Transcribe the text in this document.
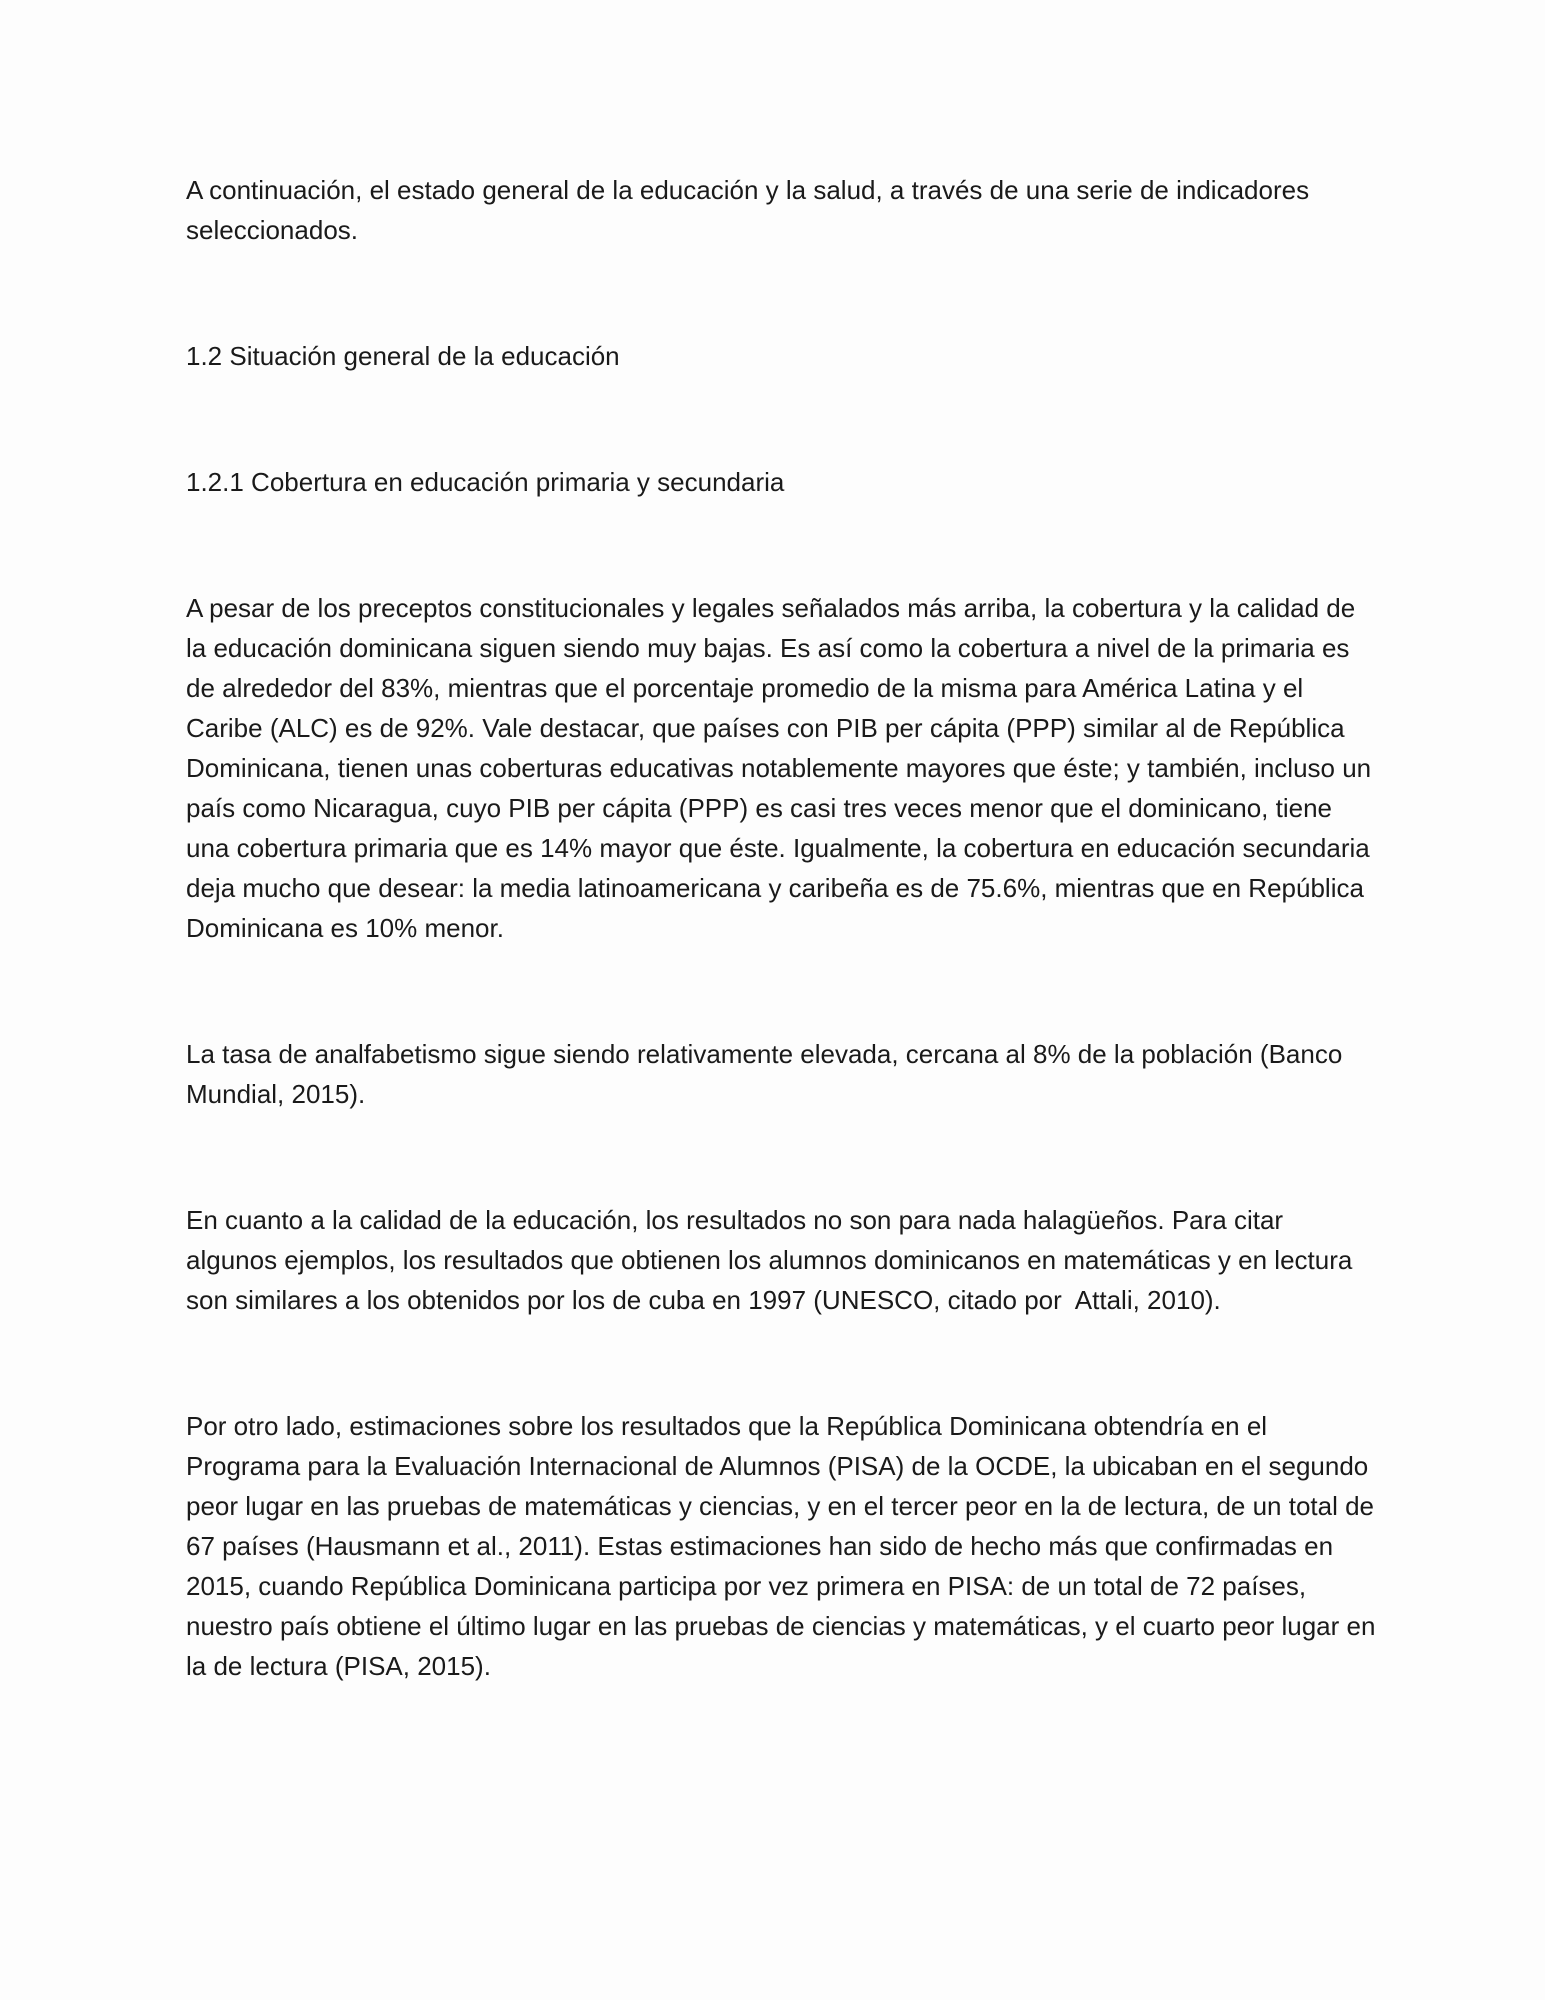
A continuación, el estado general de la educación y la salud, a través de una serie de indicadores seleccionados.
1.2 Situación general de la educación
1.2.1 Cobertura en educación primaria y secundaria
A pesar de los preceptos constitucionales y legales señalados más arriba, la cobertura y la calidad de la educación dominicana siguen siendo muy bajas. Es así como la cobertura a nivel de la primaria es de alrededor del 83%, mientras que el porcentaje promedio de la misma para América Latina y el Caribe (ALC) es de 92%. Vale destacar, que países con PIB per cápita (PPP) similar al de República Dominicana, tienen unas coberturas educativas notablemente mayores que éste; y también, incluso un país como Nicaragua, cuyo PIB per cápita (PPP) es casi tres veces menor que el dominicano, tiene una cobertura primaria que es 14% mayor que éste. Igualmente, la cobertura en educación secundaria deja mucho que desear: la media latinoamericana y caribeña es de 75.6%, mientras que en República Dominicana es 10% menor.
La tasa de analfabetismo sigue siendo relativamente elevada, cercana al 8% de la población (Banco Mundial, 2015).
En cuanto a la calidad de la educación, los resultados no son para nada halagüeños. Para citar algunos ejemplos, los resultados que obtienen los alumnos dominicanos en matemáticas y en lectura son similares a los obtenidos por los de cuba en 1997 (UNESCO, citado por  Attali, 2010).
Por otro lado, estimaciones sobre los resultados que la República Dominicana obtendría en el Programa para la Evaluación Internacional de Alumnos (PISA) de la OCDE, la ubicaban en el segundo peor lugar en las pruebas de matemáticas y ciencias, y en el tercer peor en la de lectura, de un total de 67 países (Hausmann et al., 2011). Estas estimaciones han sido de hecho más que confirmadas en 2015, cuando República Dominicana participa por vez primera en PISA: de un total de 72 países, nuestro país obtiene el último lugar en las pruebas de ciencias y matemáticas, y el cuarto peor lugar en la de lectura (PISA, 2015).
